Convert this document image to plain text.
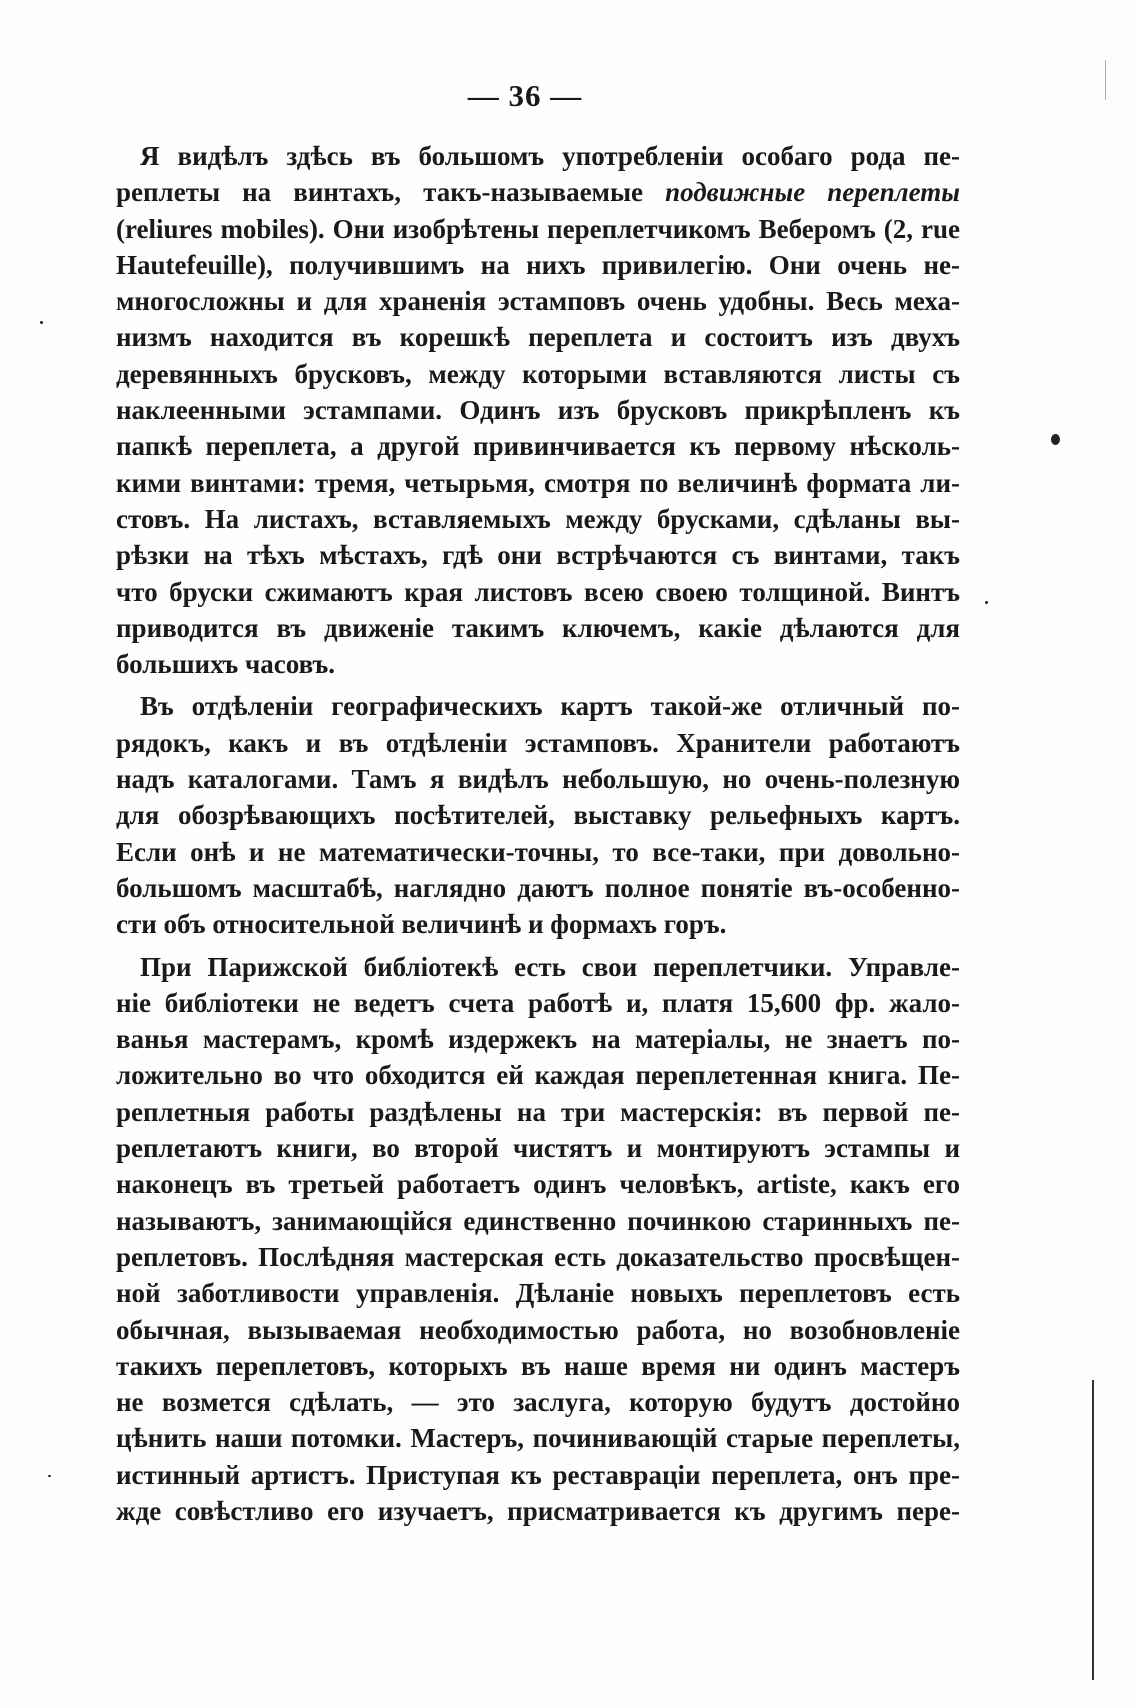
— 36 —
Я видѣлъ здѣсь въ большомъ употребленіи особаго рода пе-
реплеты на винтахъ, такъ-называемые подвижные переплеты
(reliures mobiles). Они изобрѣтены переплетчикомъ Веберомъ (2, rue
Hautefeuille), получившимъ на нихъ привилегію. Они очень не-
многосложны и для храненія эстамповъ очень удобны. Весь меха-
низмъ находится въ корешкѣ переплета и состоитъ изъ двухъ
деревянныхъ брусковъ, между которыми вставляются листы съ
наклеенными эстампами. Одинъ изъ брусковъ прикрѣпленъ къ
папкѣ переплета, а другой привинчивается къ первому нѣсколь-
кими винтами: тремя, четырьмя, смотря по величинѣ формата ли-
стовъ. На листахъ, вставляемыхъ между брусками, сдѣланы вы-
рѣзки на тѣхъ мѣстахъ, гдѣ они встрѣчаются съ винтами, такъ
что бруски сжимаютъ края листовъ всею своею толщиной. Винтъ
приводится въ движеніе такимъ ключемъ, какіе дѣлаются для
большихъ часовъ.
Въ отдѣленіи географическихъ картъ такой-же отличный по-
рядокъ, какъ и въ отдѣленіи эстамповъ. Хранители работаютъ
надъ каталогами. Тамъ я видѣлъ небольшую, но очень-полезную
для обозрѣвающихъ посѣтителей, выставку рельефныхъ картъ.
Если онѣ и не математически-точны, то все-таки, при довольно-
большомъ масштабѣ, наглядно даютъ полное понятіе въ-особенно-
сти объ относительной величинѣ и формахъ горъ.
При Парижской библіотекѣ есть свои переплетчики. Управле-
ніе библіотеки не ведетъ счета работѣ и, платя 15,600 фр. жало-
ванья мастерамъ, кромѣ издержекъ на матеріалы, не знаетъ по-
ложительно во что обходится ей каждая переплетенная книга. Пе-
реплетныя работы раздѣлены на три мастерскія: въ первой пе-
реплетаютъ книги, во второй чистятъ и монтируютъ эстампы и
наконецъ въ третьей работаетъ одинъ человѣкъ, artiste, какъ его
называютъ, занимающійся единственно починкою старинныхъ пе-
реплетовъ. Послѣдняя мастерская есть доказательство просвѣщен-
ной заботливости управленія. Дѣланіе новыхъ переплетовъ есть
обычная, вызываемая необходимостью работа, но возобновленіе
такихъ переплетовъ, которыхъ въ наше время ни одинъ мастеръ
не возмется сдѣлать, — это заслуга, которую будутъ достойно
цѣнить наши потомки. Мастеръ, починивающій старые переплеты,
истинный артистъ. Приступая къ реставраціи переплета, онъ пре-
жде совѣстливо его изучаетъ, присматривается къ другимъ пере-
